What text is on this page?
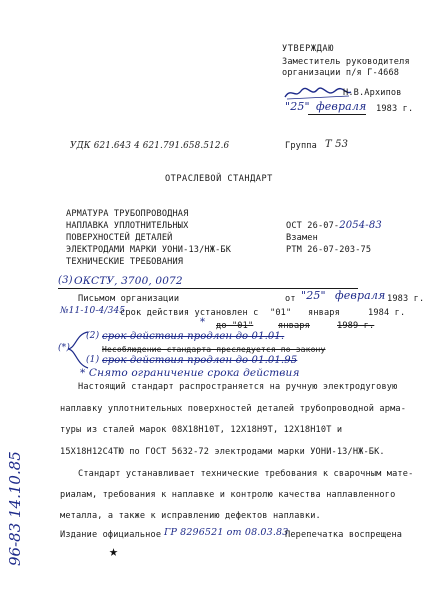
УТВЕРЖДАЮ
Заместитель руководителя
организации п/я Г-4668
Н.В.Архипов
"25" февраля 1983 г.
УДК 621.643 4 621.791.658.512.6	Группа Т 53
ОТРАСЛЕВОЙ СТАНДАРТ
АРМАТУРА ТРУБОПРОВОДНАЯ
НАПЛАВКА УПЛОТНИТЕЛЬНЫХ
ПОВЕРХНОСТЕЙ ДЕТАЛЕЙ
ЭЛЕКТРОДАМИ МАРКИ УОНИ-13/НЖ-БК
ТЕХНИЧЕСКИЕ ТРЕБОВАНИЯ
ОСТ 26-07-2054-83
Взамен
РТМ 26-07-203-75
(3) ОКСТУ, 3700, 0072
Письмом организации	от "25" февраля 1983 г.
№11-10-4/345
срок действия установлен с "01" января	1984 г.
* до "01"	января	1989 г.
(2)
(*)
(1)
срок действия продлен до 01.01.
Несоблюдение стандарта преследуется по закону
срок действия продлен до 01.01.95
* Снято ограничение срока действия
Настоящий стандарт распространяется на ручную электродуговую
наплавку уплотнительных поверхностей деталей трубопроводной арма-
туры из сталей марок 08Х18Н10Т, 12Х18Н9Т, 12Х18Н10Т и
15Х18Н12С4ТЮ по ГОСТ 5632-72 электродами марки УОНИ-13/НЖ-БК.
Стандарт устанавливает технические требования к сварочным мате-
риалам, требования к наплавке и контролю качества наплавленного
металла, а также к исправлению дефектов наплавки.
Издание официальное ГР 8296521 от 08.03.83
Перепечатка воспрещена
★
96-83 14.10.85
